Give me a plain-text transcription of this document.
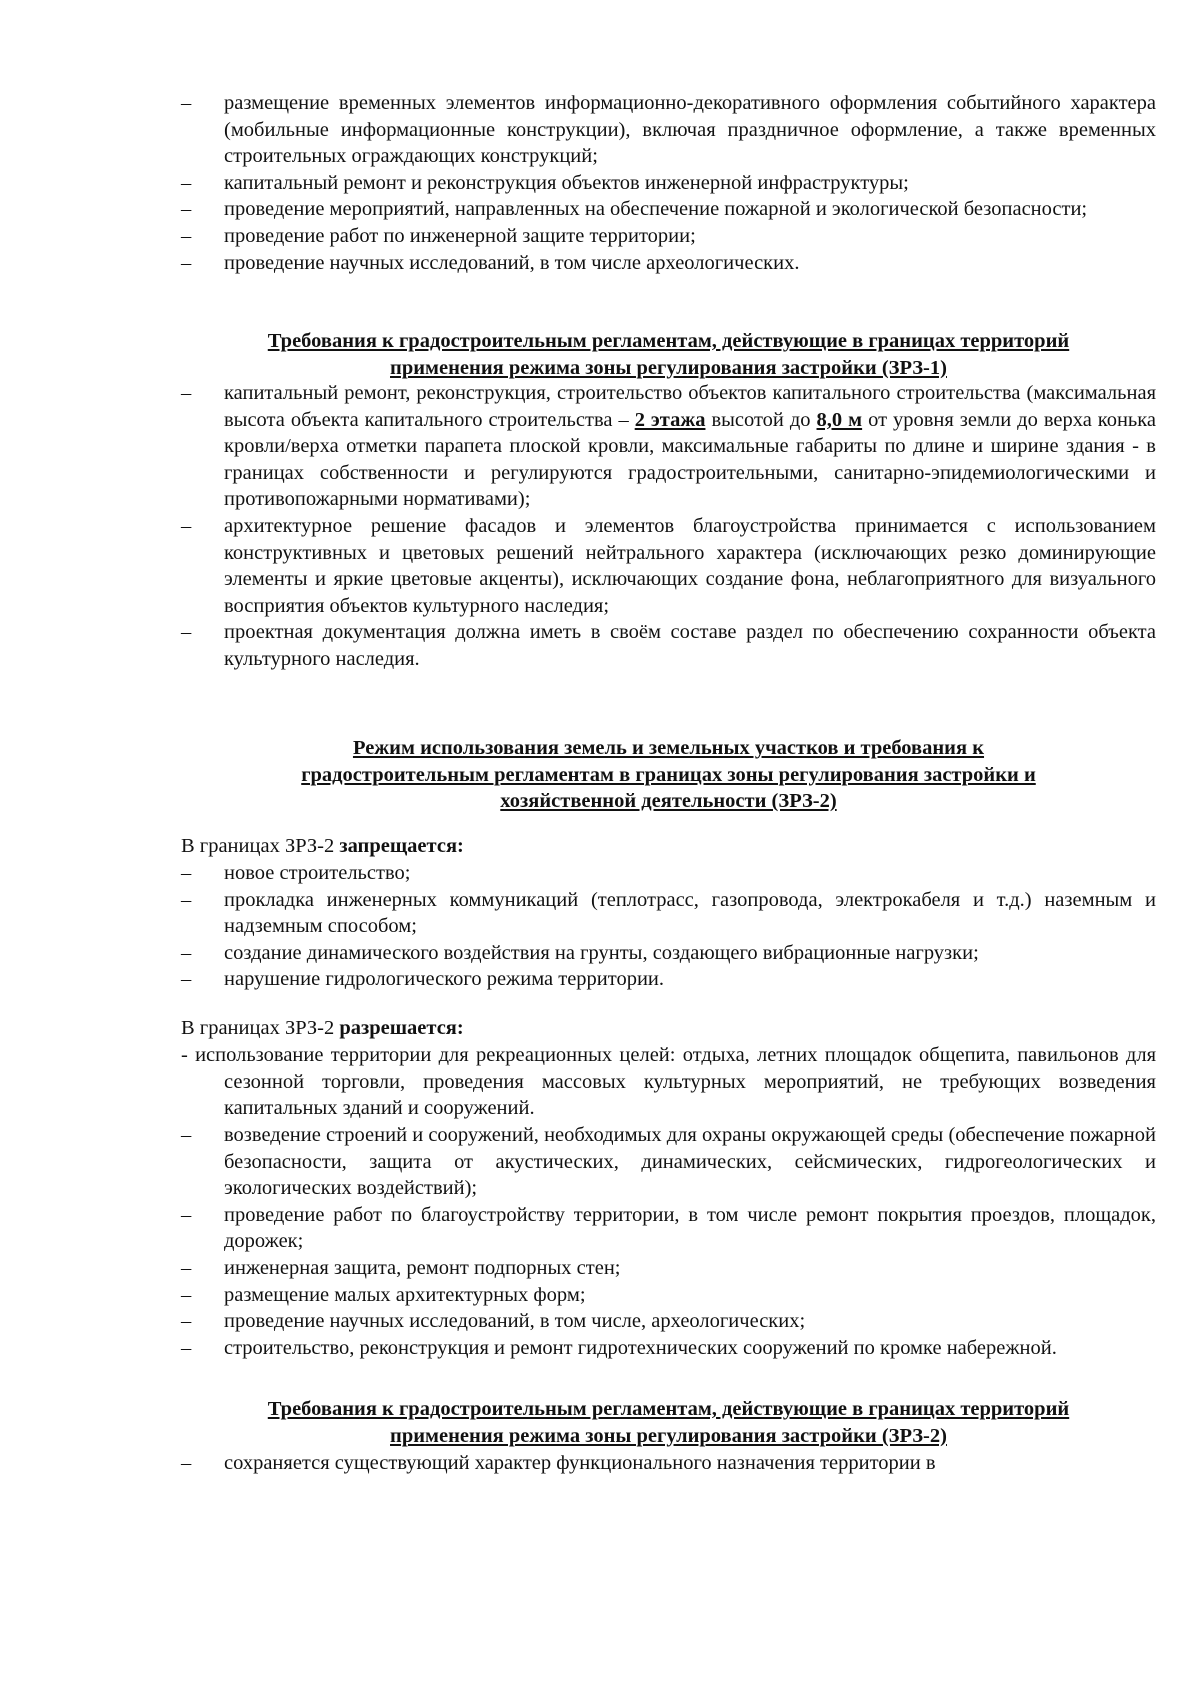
–	размещение временных элементов информационно-декоративного оформления событийного характера (мобильные информационные конструкции), включая праздничное оформление, а также временных строительных ограждающих конструкций;
–	капитальный ремонт и реконструкция объектов инженерной инфраструктуры;
–	проведение мероприятий, направленных на обеспечение пожарной и экологической безопасности;
–	проведение работ по инженерной защите территории;
–	проведение научных исследований, в том числе археологических.
Требования к градостроительным регламентам, действующие в границах территорий
применения режима зоны регулирования застройки (ЗРЗ-1)
–	капитальный ремонт, реконструкция, строительство объектов капитального строительства (максимальная высота объекта капитального строительства – 2 этажа высотой до 8,0 м от уровня земли до верха конька кровли/верха отметки парапета плоской кровли, максимальные габариты по длине и ширине здания - в границах собственности и регулируются градостроительными, санитарно-эпидемиологическими и противопожарными нормативами);
–	архитектурное решение фасадов и элементов благоустройства принимается с использованием конструктивных и цветовых решений нейтрального характера (исключающих резко доминирующие элементы и яркие цветовые акценты), исключающих создание фона, неблагоприятного для визуального восприятия объектов культурного наследия;
–	проектная документация должна иметь в своём составе раздел по обеспечению сохранности объекта культурного наследия.
Режим использования земель и земельных участков и требования к
градостроительным регламентам в границах зоны регулирования застройки и
хозяйственной деятельности (ЗРЗ-2)
В границах ЗРЗ-2 запрещается:
–	новое строительство;
–	прокладка инженерных коммуникаций (теплотрасс, газопровода, электрокабеля и т.д.) наземным и надземным способом;
–	создание динамического воздействия на грунты, создающего вибрационные нагрузки;
–	нарушение гидрологического режима территории.
В границах ЗРЗ-2 разрешается:
- использование территории для рекреационных целей: отдыха, летних площадок общепита, павильонов для сезонной торговли, проведения массовых культурных мероприятий, не требующих возведения капитальных зданий и сооружений.
–	возведение строений и сооружений, необходимых для охраны окружающей среды (обеспечение пожарной безопасности, защита от акустических, динамических, сейсмических, гидрогеологических и экологических воздействий);
–	проведение работ по благоустройству территории, в том числе ремонт покрытия проездов, площадок, дорожек;
–	инженерная защита, ремонт подпорных стен;
–	размещение малых архитектурных форм;
–	проведение научных исследований, в том числе, археологических;
–	строительство, реконструкция и ремонт гидротехнических сооружений по кромке набережной.
Требования к градостроительным регламентам, действующие в границах территорий
применения режима зоны регулирования застройки (ЗРЗ-2)
–	сохраняется существующий характер функционального назначения территории в
